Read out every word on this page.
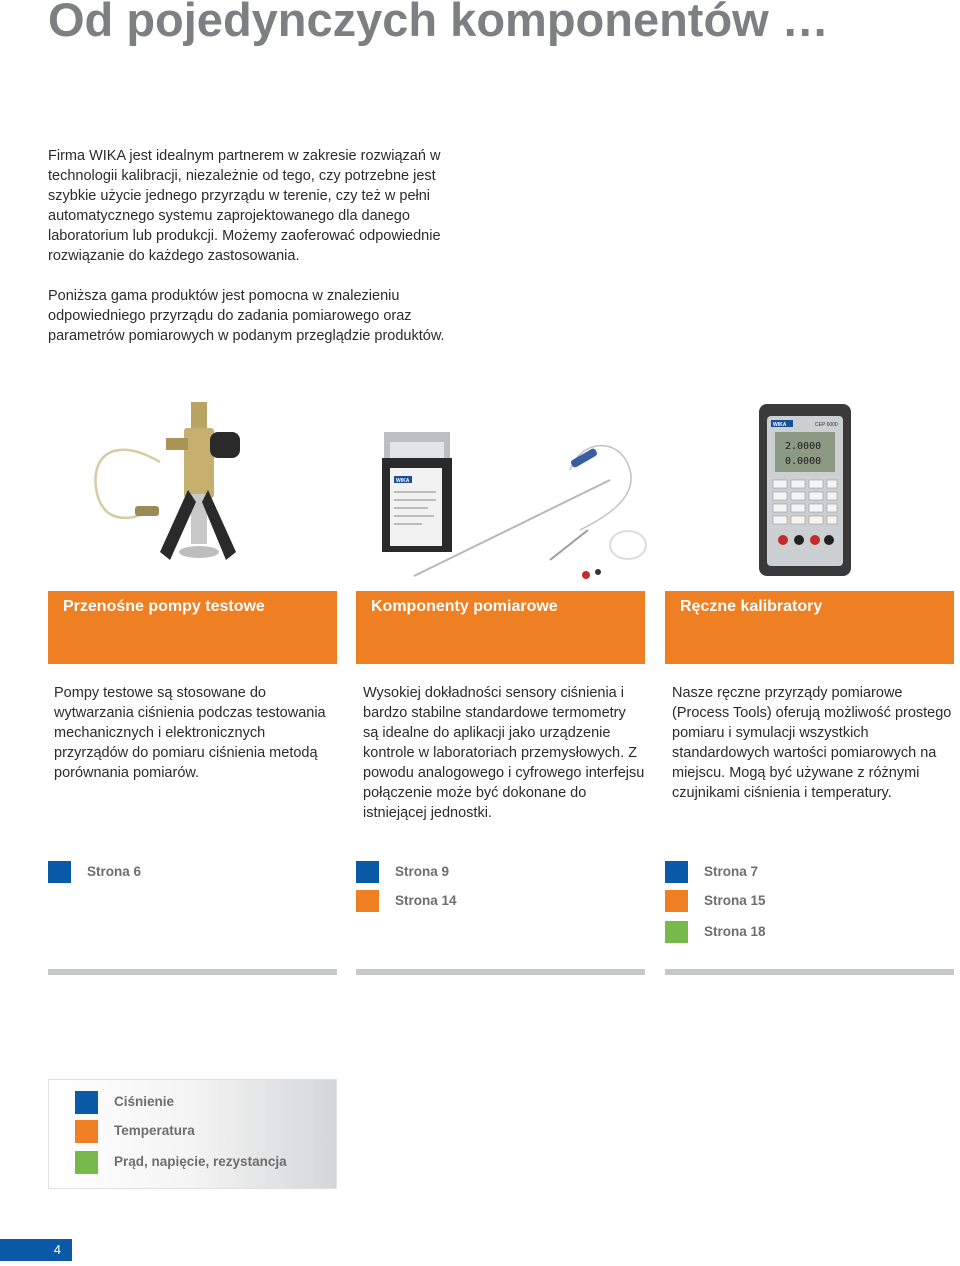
Od pojedynczych komponentów …

Firma WIKA jest idealnym partnerem w zakresie rozwiązań w technologii kalibracji, niezależnie od tego, czy potrzebne jest szybkie użycie jednego przyrządu w terenie, czy też w pełni automatycznego systemu zaprojektowanego dla danego laboratorium lub produkcji. Możemy zaoferować odpowiednie rozwiązanie do każdego zastosowania.

Poniższa gama produktów jest pomocna w znalezieniu odpowiedniego przyrządu do zadania pomiarowego oraz parametrów pomiarowych w podanym przeglądzie produktów.

WIKA
WIKA	CEP 6000
2.0000
0.0000
Przenośne pompy testowe	Komponenty pomiarowe	Ręczne kalibratory

Pompy testowe są stosowane do wytwarzania ciśnienia podczas testowania mechanicznych i elektronicznych przyrządów do pomiaru ciśnienia metodą porównania pomiarów.

Wysokiej dokładności sensory ciśnienia i bardzo stabilne standardowe termometry są idealne do aplikacji jako urządzenie kontrole w laboratoriach przemysłowych. Z powodu analogowego i cyfrowego interfejsu połączenie może być dokonane do istniejącej jednostki.

Nasze ręczne przyrządy pomiarowe (Process Tools) oferują możliwość prostego pomiaru i symulacji wszystkich standardowych wartości pomiarowych na miejscu. Mogą być używane z różnymi czujnikami ciśnienia i temperatury.

Strona 6	Strona 9
Strona 14
Strona 7
Strona 15
Strona 18
Ciśnienie
Temperatura
Prąd, napięcie, rezystancja
4
